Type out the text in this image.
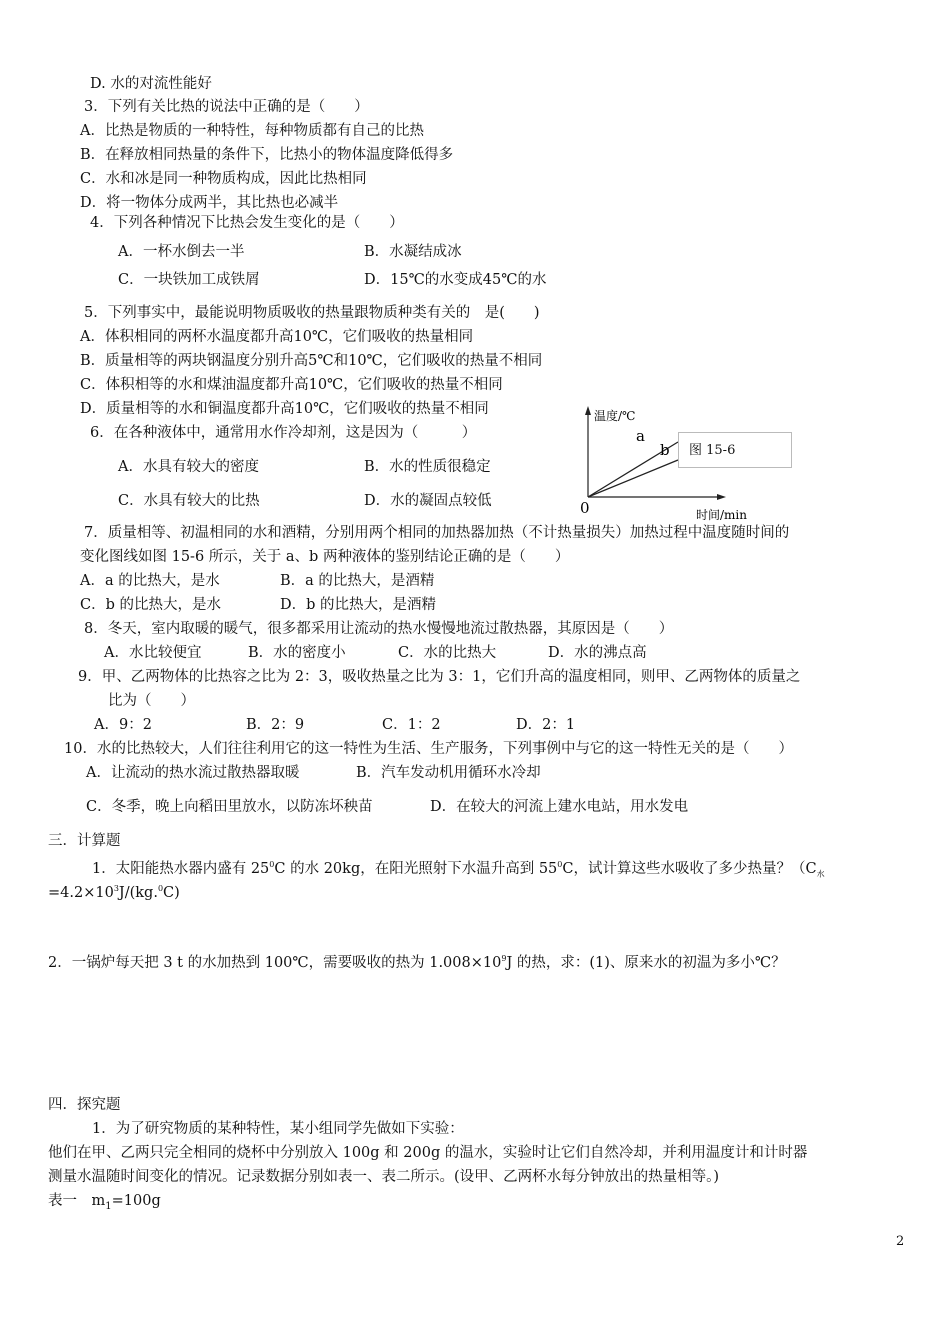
D. 水的对流性能好
3．下列有关比热的说法中正确的是（　　）
A．比热是物质的一种特性，每种物质都有自己的比热
B．在释放相同热量的条件下，比热小的物体温度降低得多
C．水和冰是同一种物质构成，因此比热相同
D．将一物体分成两半，其比热也必减半
4．下列各种情况下比热会发生变化的是（　　）
A．一杯水倒去一半	B．水凝结成冰
C．一块铁加工成铁屑	D．15℃的水变成45℃的水
5．下列事实中，最能说明物质吸收的热量跟物质种类有关的　是(　　)
A．体积相同的两杯水温度都升高10℃，它们吸收的热量相同
B．质量相等的两块钢温度分别升高5℃和10℃，它们吸收的热量不相同
C．体积相等的水和煤油温度都升高10℃，它们吸收的热量不相同
D．质量相等的水和铜温度都升高10℃，它们吸收的热量不相同
6．在各种液体中，通常用水作冷却剂，这是因为（　　　）
A．水具有较大的密度	B．水的性质很稳定
C．水具有较大的比热	D．水的凝固点较低
温度/℃
a
b
0	时间/min
图 15-6
7．质量相等、初温相同的水和酒精，分别用两个相同的加热器加热（不计热量损失）加热过程中温度随时间的
变化图线如图 15-6 所示，关于 a、b 两种液体的鉴别结论正确的是（　　）
A．a 的比热大，是水	B．a 的比热大，是酒精
C．b 的比热大，是水	D．b 的比热大，是酒精
8．冬天，室内取暖的暖气，很多都采用让流动的热水慢慢地流过散热器，其原因是（　　）
A．水比较便宜	B．水的密度小	C．水的比热大	D．水的沸点高
9．甲、乙两物体的比热容之比为 2：3，吸收热量之比为 3：1，它们升高的温度相同，则甲、乙两物体的质量之
比为（　　）
A．9：2	B．2：9	C．1：2	D．2：1
10．水的比热较大，人们往往利用它的这一特性为生活、生产服务，下列事例中与它的这一特性无关的是（　　）
A．让流动的热水流过散热器取暖	B．汽车发动机用循环水冷却
C．冬季，晚上向稻田里放水，以防冻坏秧苗	D．在较大的河流上建水电站，用水发电
三．计算题
1．太阳能热水器内盛有 $25^0C$ 的水 20kg，在阳光照射下水温升高到 $55^0C$，试计算这些水吸收了多少热量？（$C_水$
$=4.2\times 10^3J/(kg.^0C)$
2．一锅炉每天把 3 t 的水加热到 100℃，需要吸收的热为 $1.008\times 10^9J$ 的热，求：(1)、原来水的初温为多小℃？
四．探究题
1．为了研究物质的某种特性，某小组同学先做如下实验：
他们在甲、乙两只完全相同的烧杯中分别放入 100g 和 200g 的温水，实验时让它们自然冷却，并利用温度计和计时器
测量水温随时间变化的情况。记录数据分别如表一、表二所示。(设甲、乙两杯水每分钟放出的热量相等。)
表一　$m_1=100g$
2
